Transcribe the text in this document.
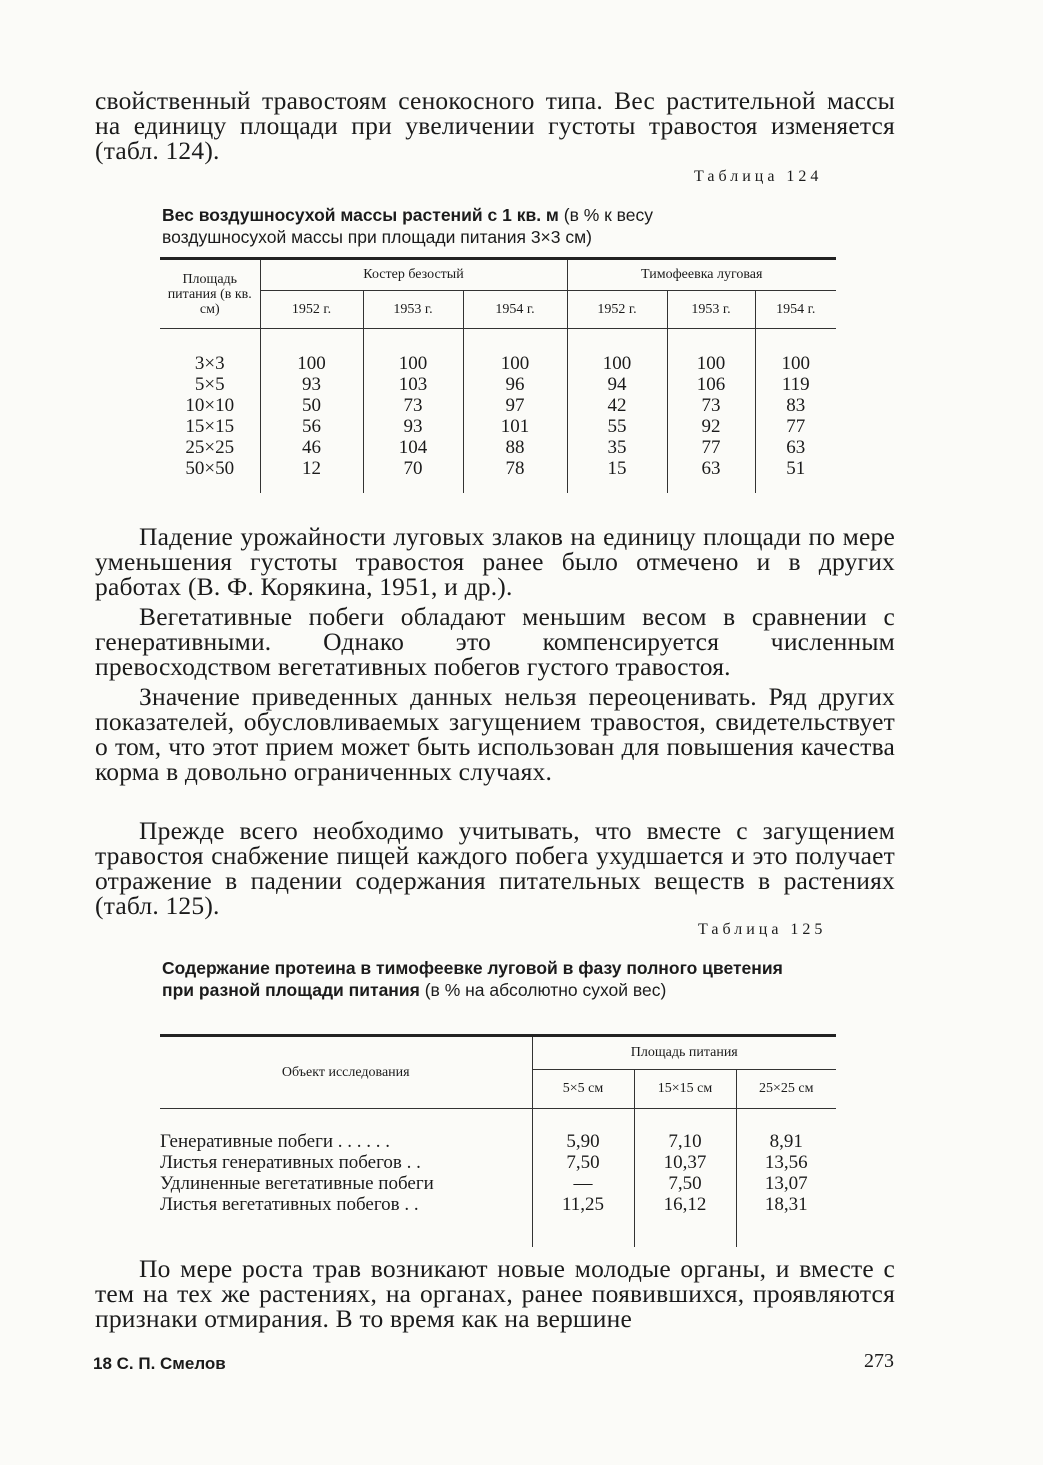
свойственный травостоям сенокосного типа. Вес растительной массы на единицу площади при увеличении густоты травостоя изменяется (табл. 124).

Таблица 124

Вес воздушносухой массы растений с 1 кв. м (в % к весу воздушносухой массы при площади питания 3×3 см)

Площадь питания (в кв. см)	Костер безостый			Тимофеевка луговая		
	1952 г.	1953 г.	1954 г.	1952 г.	1953 г.	1954 г.

3×3	100	100	100	100	100	100
5×5	93	103	96	94	106	119
10×10	50	73	97	42	73	83
15×15	56	93	101	55	92	77
25×25	46	104	88	35	77	63
50×50	12	70	78	15	63	51

Падение урожайности луговых злаков на единицу площади по мере уменьшения густоты травостоя ранее было отмечено и в других работах (В. Ф. Корякина, 1951, и др.).

Вегетативные побеги обладают меньшим весом в сравнении с генеративными. Однако это компенсируется численным превосходством вегетативных побегов густого травостоя.

Значение приведенных данных нельзя переоценивать. Ряд других показателей, обусловливаемых загущением травостоя, свидетельствует о том, что этот прием может быть использован для повышения качества корма в довольно ограниченных случаях.

Прежде всего необходимо учитывать, что вместе с загущением травостоя снабжение пищей каждого побега ухудшается и это получает отражение в падении содержания питательных веществ в растениях (табл. 125).

Таблица 125

Содержание протеина в тимофеевке луговой в фазу полного цветения при разной площади питания (в % на абсолютно сухой вес)

Объект исследования	Площадь питания		
	5×5 см	15×15 см	25×25 см

Генеративные побеги . . . . . .	5,90	7,10	8,91
Листья генеративных побегов . .	7,50	10,37	13,56
Удлиненные вегетативные побеги	—	7,50	13,07
Листья вегетативных побегов . .	11,25	16,12	18,31

По мере роста трав возникают новые молодые органы, и вместе с тем на тех же растениях, на органах, ранее появившихся, проявляются признаки отмирания. В то время как на вершине

18 С. П. Смелов	273
